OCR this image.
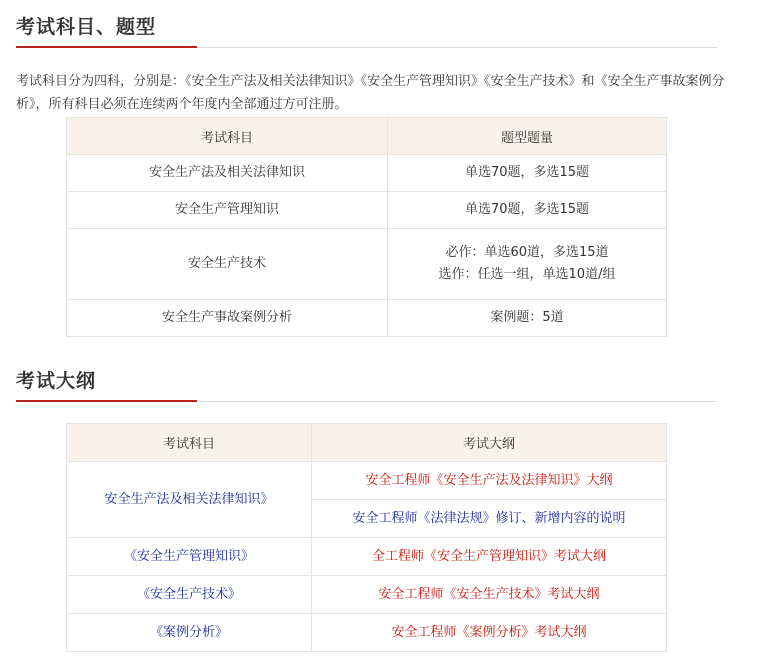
考试科目、题型

考试科目分为四科，分别是：《安全生产法及相关法律知识》《安全生产管理知识》《安全生产技术》和《安全生产事故案例分析》，所有科目必须在连续两个年度内全部通过方可注册。

考试科目	题型题量
安全生产法及相关法律知识	单选70题，多选15题
安全生产管理知识	单选70题，多选15题
安全生产技术	必作：单选60道，多选15道
选作：任选一组，单选10道/组

安全生产事故案例分析	案例题：5道
考试大纲
考试科目	考试大纲
安全生产法及相关法律知识》	安全工程师《安全生产法及法律知识》大纲
	安全工程师《法律法规》修订、新增内容的说明
《安全生产管理知识》	全工程师《安全生产管理知识》考试大纲
《安全生产技术》	安全工程师《安全生产技术》考试大纲
《案例分析》	安全工程师《案例分析》考试大纲
